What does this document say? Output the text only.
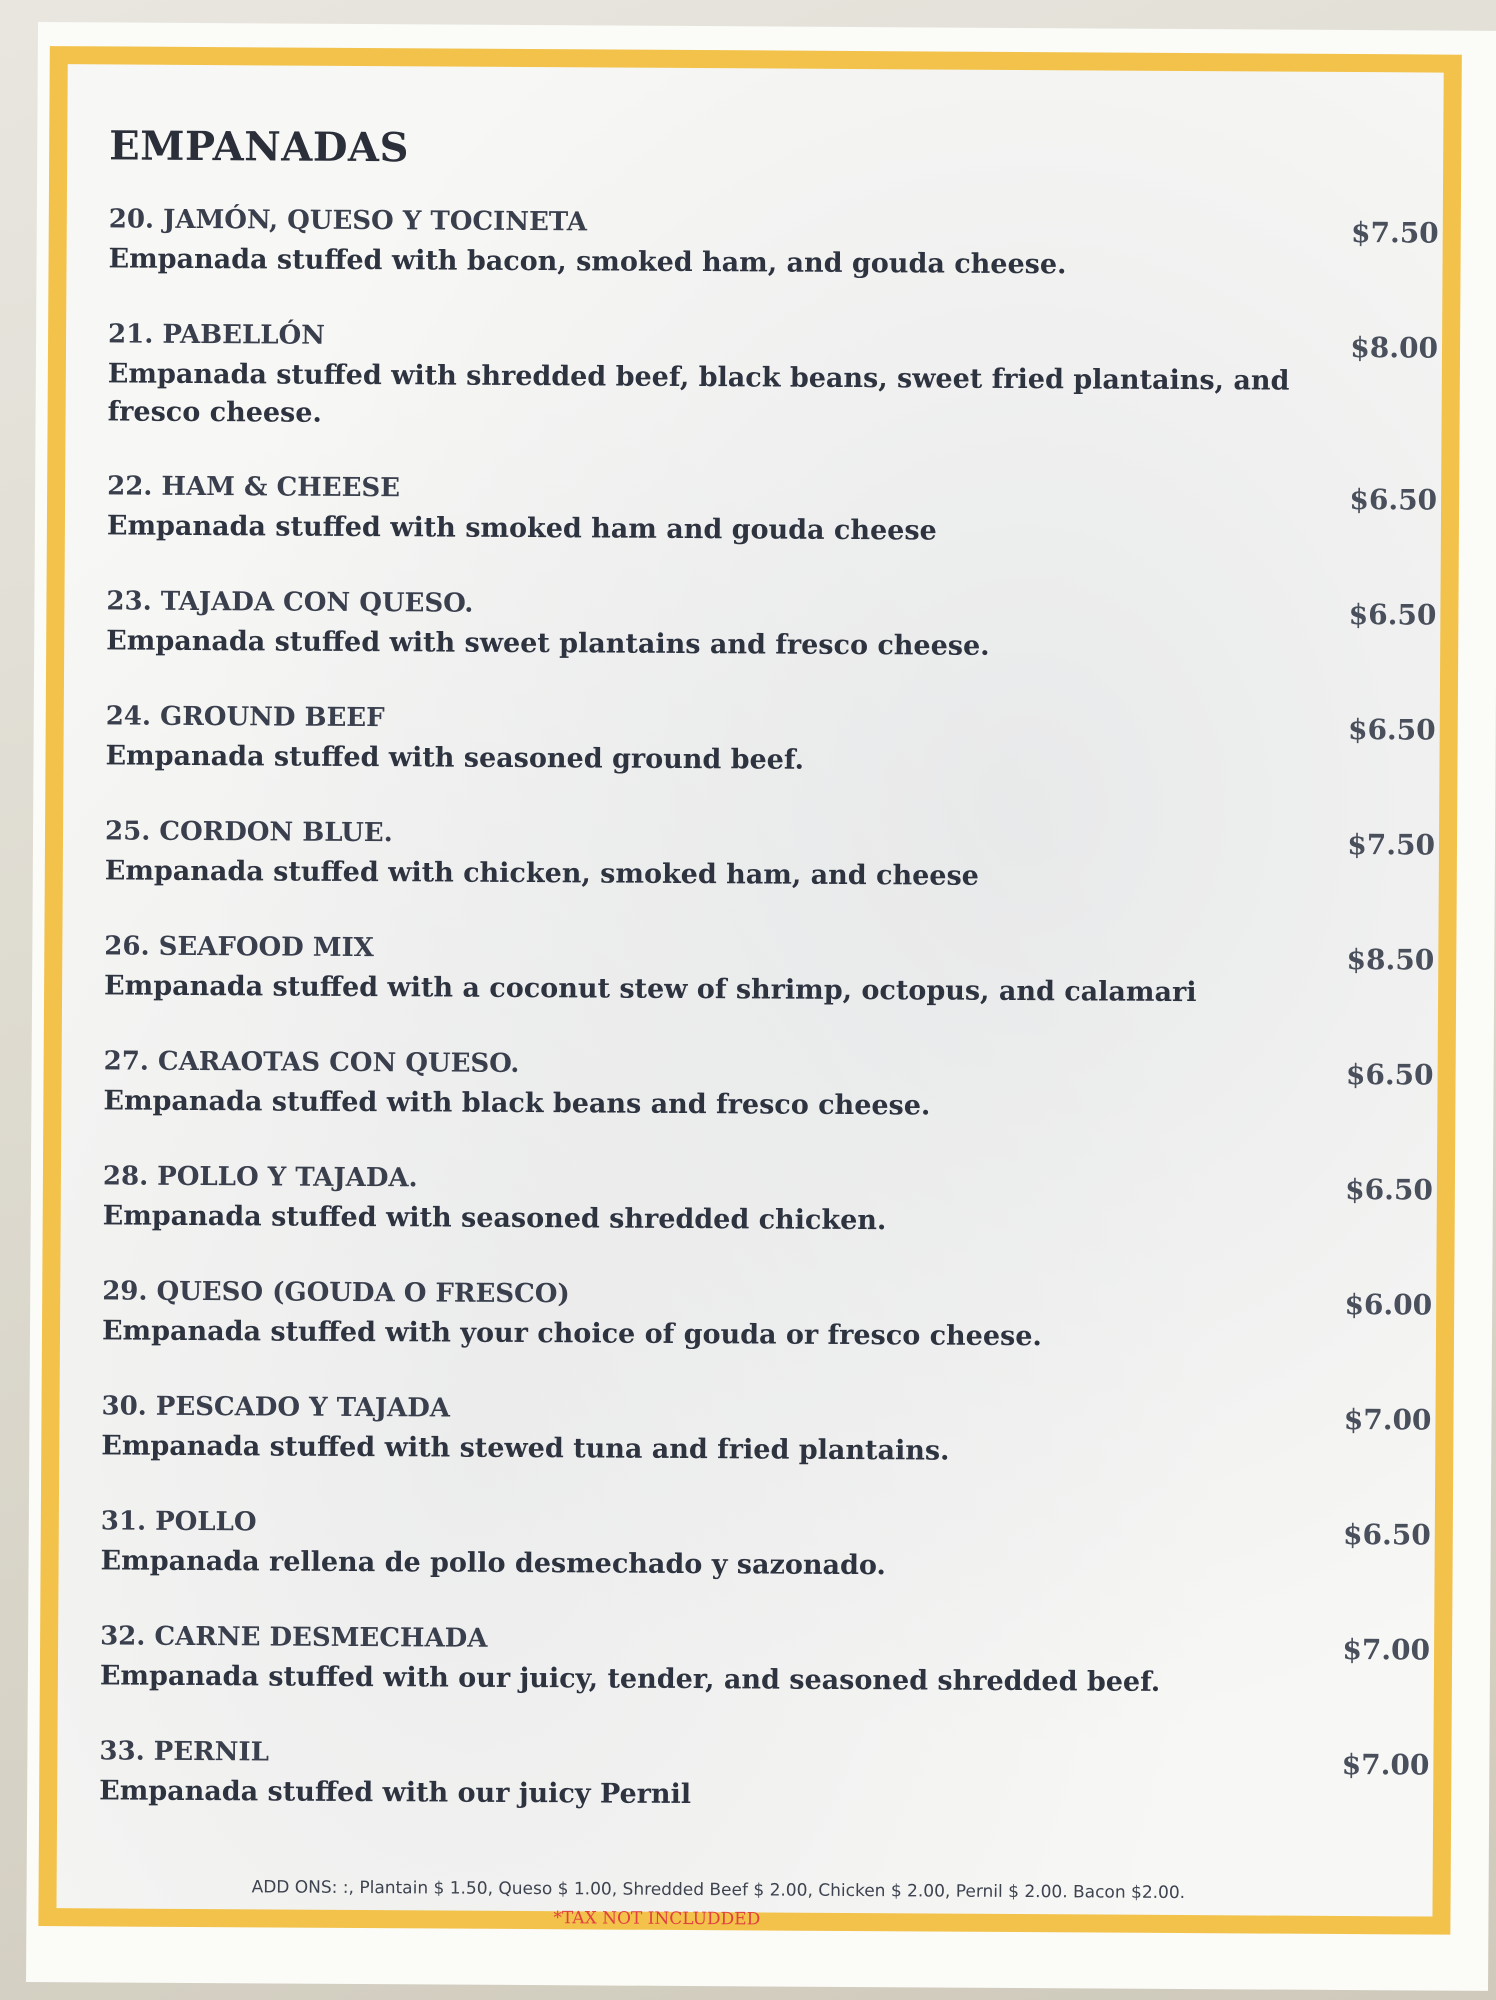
EMPANADAS
20. JAMÓN, QUESO Y TOCINETA
Empanada stuffed with bacon, smoked ham, and gouda cheese.
$7.50
21. PABELLÓN
Empanada stuffed with shredded beef, black beans, sweet fried plantains, and fresco cheese.
$8.00
22. HAM & CHEESE
Empanada stuffed with smoked ham and gouda cheese
$6.50
23. TAJADA CON QUESO.
Empanada stuffed with sweet plantains and fresco cheese.
$6.50
24. GROUND BEEF
Empanada stuffed with seasoned ground beef.
$6.50
25. CORDON BLUE.
Empanada stuffed with chicken, smoked ham, and cheese
$7.50
26. SEAFOOD MIX
Empanada stuffed with a coconut stew of shrimp, octopus, and calamari
$8.50
27. CARAOTAS CON QUESO.
Empanada stuffed with black beans and fresco cheese.
$6.50
28. POLLO Y TAJADA.
Empanada stuffed with seasoned shredded chicken.
$6.50
29. QUESO (GOUDA O FRESCO)
Empanada stuffed with your choice of gouda or fresco cheese.
$6.00
30. PESCADO Y TAJADA
Empanada stuffed with stewed tuna and fried plantains.
$7.00
31. POLLO
Empanada rellena de pollo desmechado y sazonado.
$6.50
32. CARNE DESMECHADA
Empanada stuffed with our juicy, tender, and seasoned shredded beef.
$7.00
33. PERNIL
Empanada stuffed with our juicy Pernil
$7.00
ADD ONS: :, Plantain $ 1.50, Queso $ 1.00, Shredded Beef $ 2.00, Chicken $ 2.00, Pernil $ 2.00. Bacon $2.00.
*TAX NOT INCLUDDED
